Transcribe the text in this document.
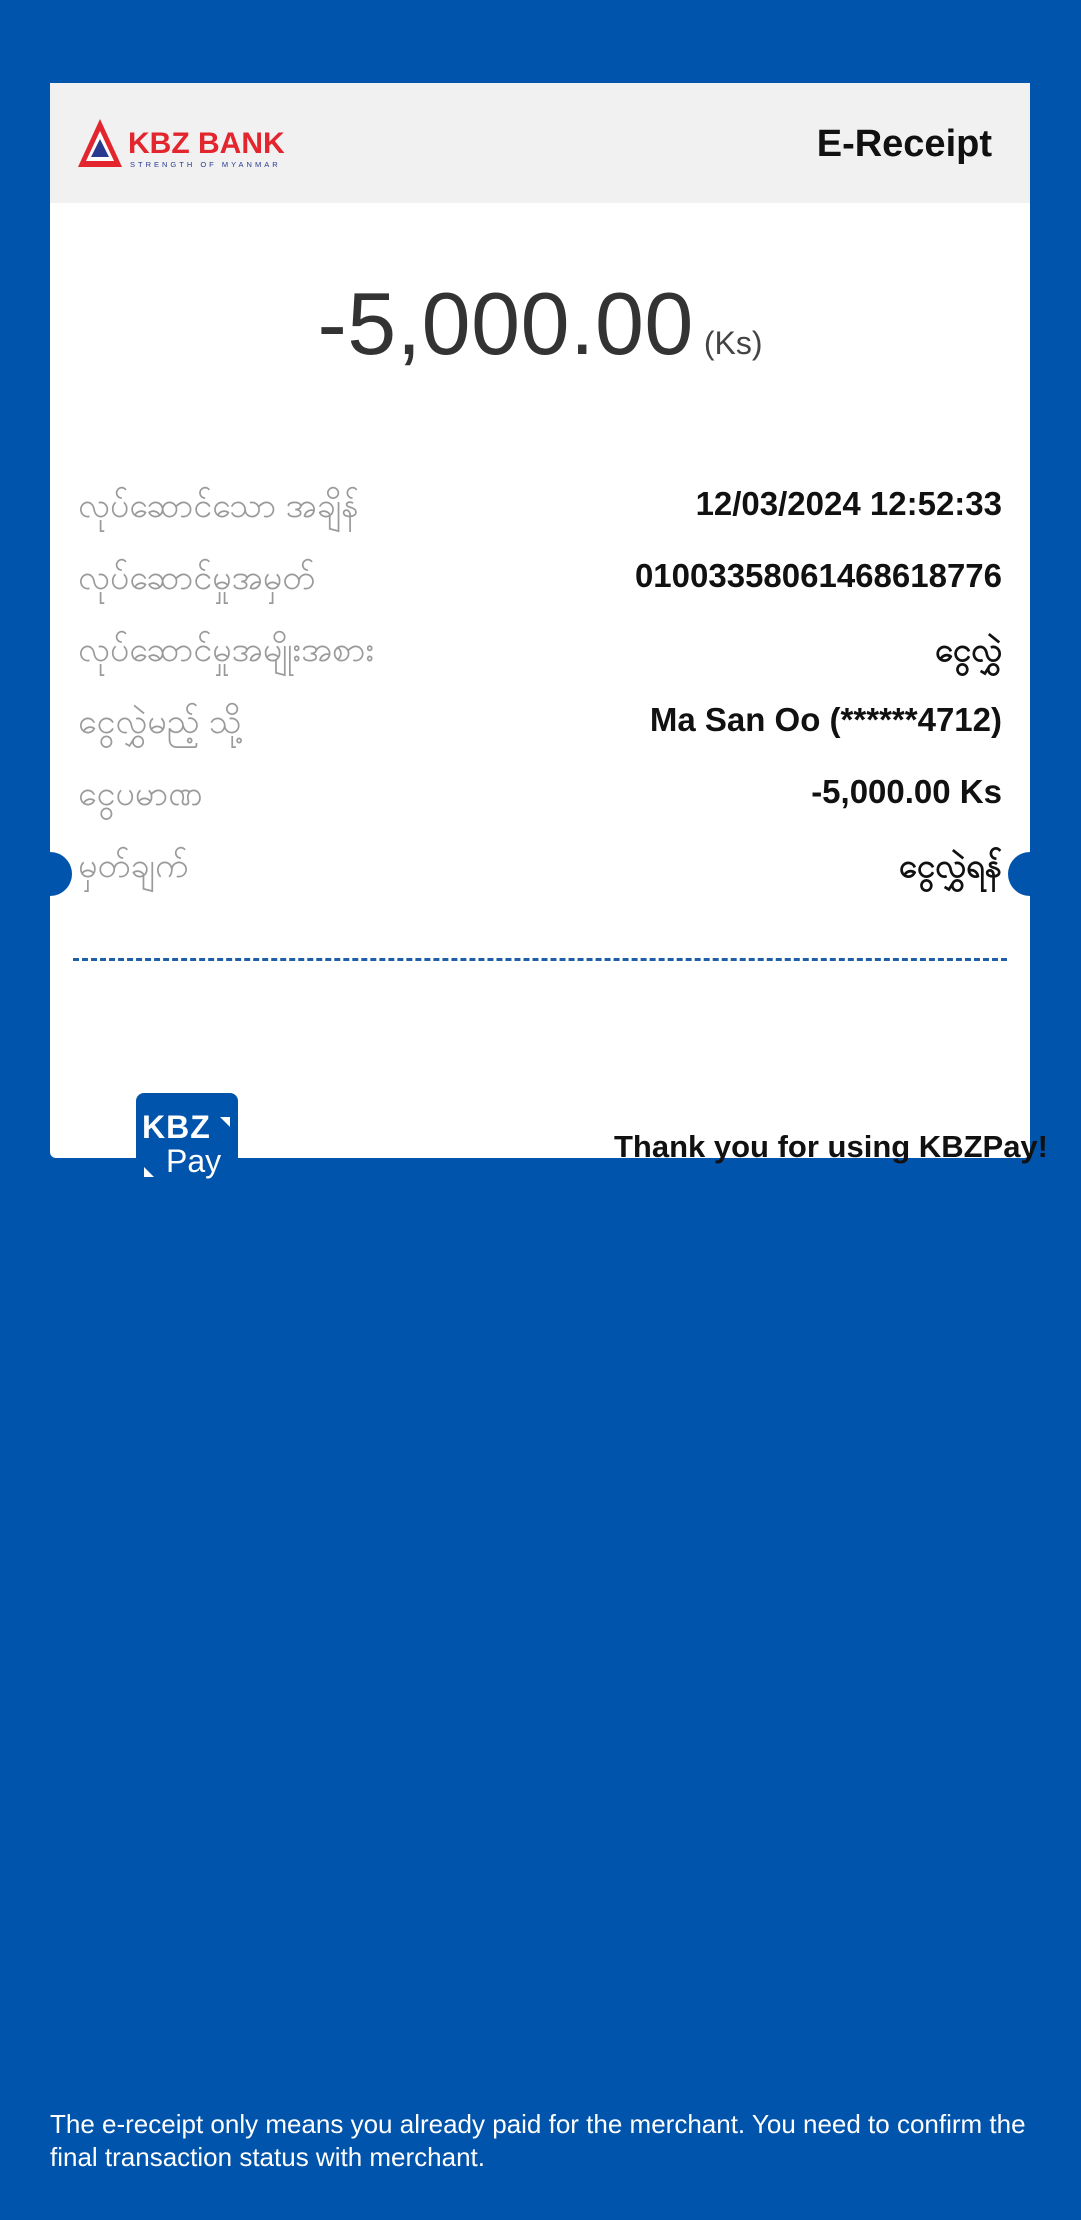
KBZ BANK
STRENGTH OF MYANMAR	E-Receipt
-5,000.00 (Ks)
လုပ်ဆောင်သော အချိန်	12/03/2024 12:52:33
လုပ်ဆောင်မှုအမှတ်	01003358061468618776
လုပ်ဆောင်မှုအမျိုးအစား	ငွေလွှဲ
ငွေလွှဲမည့် သို့	Ma San Oo (******4712)
ငွေပမာဏ	-5,000.00 Ks
မှတ်ချက်	ငွေလွှဲရန်
KBZ
Pay	Thank you for using KBZPay!
The e-receipt only means you already paid for the merchant. You need to confirm the final transaction status with merchant.
